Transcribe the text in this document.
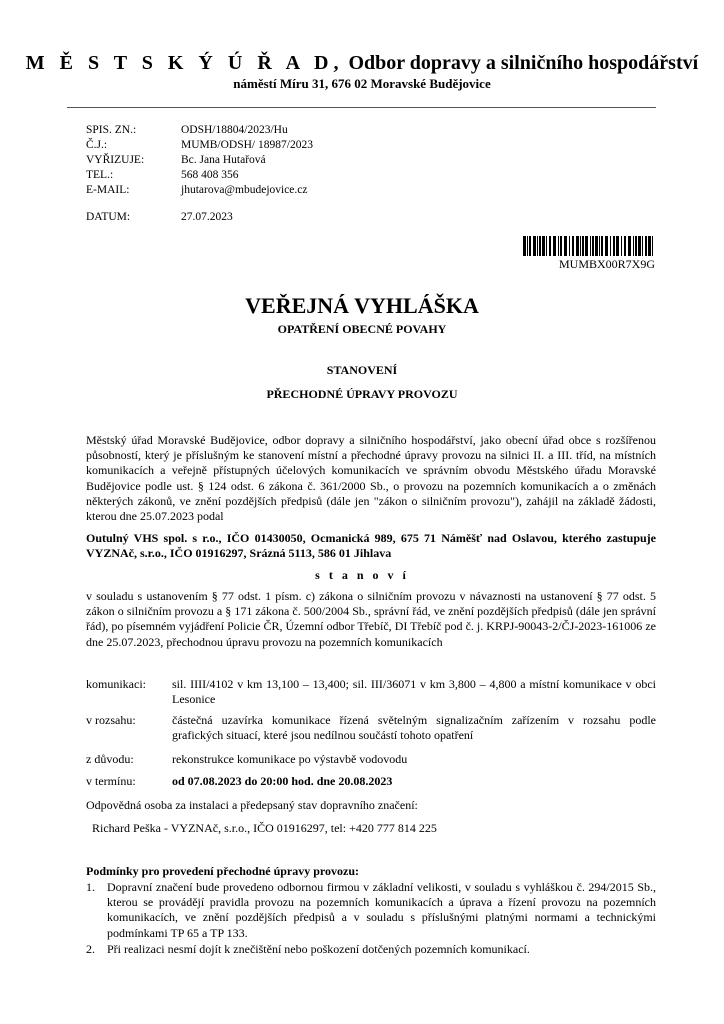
M Ě S T S K Ý Ú Ř A D, Odbor dopravy a silničního hospodářství
náměstí Míru 31, 676 02 Moravské Budějovice
SPIS. ZN.:	ODSH/18804/2023/Hu
Č.J.:	MUMB/ODSH/ 18987/2023
VYŘIZUJE:	Bc. Jana Hutařová
TEL.:	568 408 356
E-MAIL:	jhutarova@mbudejovice.cz
DATUM:	27.07.2023
MUMBX00R7X9G
VEŘEJNÁ VYHLÁŠKA
OPATŘENÍ OBECNÉ POVAHY
STANOVENÍ
PŘECHODNÉ ÚPRAVY PROVOZU
Městský úřad Moravské Budějovice, odbor dopravy a silničního hospodářství, jako obecní úřad obce s rozšířenou působností, který je příslušným ke stanovení místní a přechodné úpravy provozu na silnici II. a III. tříd, na místních komunikacích a veřejně přístupných účelových komunikacích ve správním obvodu Městského úřadu Moravské Budějovice podle ust. § 124 odst. 6 zákona č. 361/2000 Sb., o provozu na pozemních komunikacích a o změnách některých zákonů, ve znění pozdějších předpisů (dále jen "zákon o silničním provozu"), zahájil na základě žádosti, kterou dne 25.07.2023 podal
Outulný VHS spol. s r.o., IČO 01430050, Ocmanická 989, 675 71 Náměšť nad Oslavou, kterého zastupuje VYZNAč, s.r.o., IČO 01916297, Srázná 5113, 586 01 Jihlava
s t a n o v í
v souladu s ustanovením § 77 odst. 1 písm. c) zákona o silničním provozu v návaznosti na ustanovení § 77 odst. 5 zákon o silničním provozu a § 171 zákona č. 500/2004 Sb., správní řád, ve znění pozdějších předpisů (dále jen správní řád), po písemném vyjádření Policie ČR, Územní odbor Třebíč, DI Třebíč pod č. j. KRPJ-90043-2/ČJ-2023-161006 ze dne 25.07.2023, přechodnou úpravu provozu na pozemních komunikacích
komunikaci: sil. IIII/4102 v km 13,100 – 13,400; sil. III/36071 v km 3,800 – 4,800 a místní komunikace v obci Lesonice
v rozsahu:	částečná uzavírka komunikace řízená světelným signalizačním zařízením v rozsahu podle grafických situací, které jsou nedílnou součástí tohoto opatření
z důvodu:	rekonstrukce komunikace po výstavbě vodovodu
v termínu:	od 07.08.2023 do 20:00 hod. dne 20.08.2023
Odpovědná osoba za instalaci a předepsaný stav dopravního značení:
Richard Peška - VYZNAč, s.r.o., IČO 01916297, tel: +420 777 814 225
Podmínky pro provedení přechodné úpravy provozu:
1. Dopravní značení bude provedeno odbornou firmou v základní velikosti, v souladu s vyhláškou č. 294/2015 Sb., kterou se provádějí pravidla provozu na pozemních komunikacích a úprava a řízení provozu na pozemních komunikacích, ve znění pozdějších předpisů a v souladu s příslušnými platnými normami a technickými podmínkami TP 65 a TP 133.
2. Při realizaci nesmí dojít k znečištění nebo poškození dotčených pozemních komunikací.
